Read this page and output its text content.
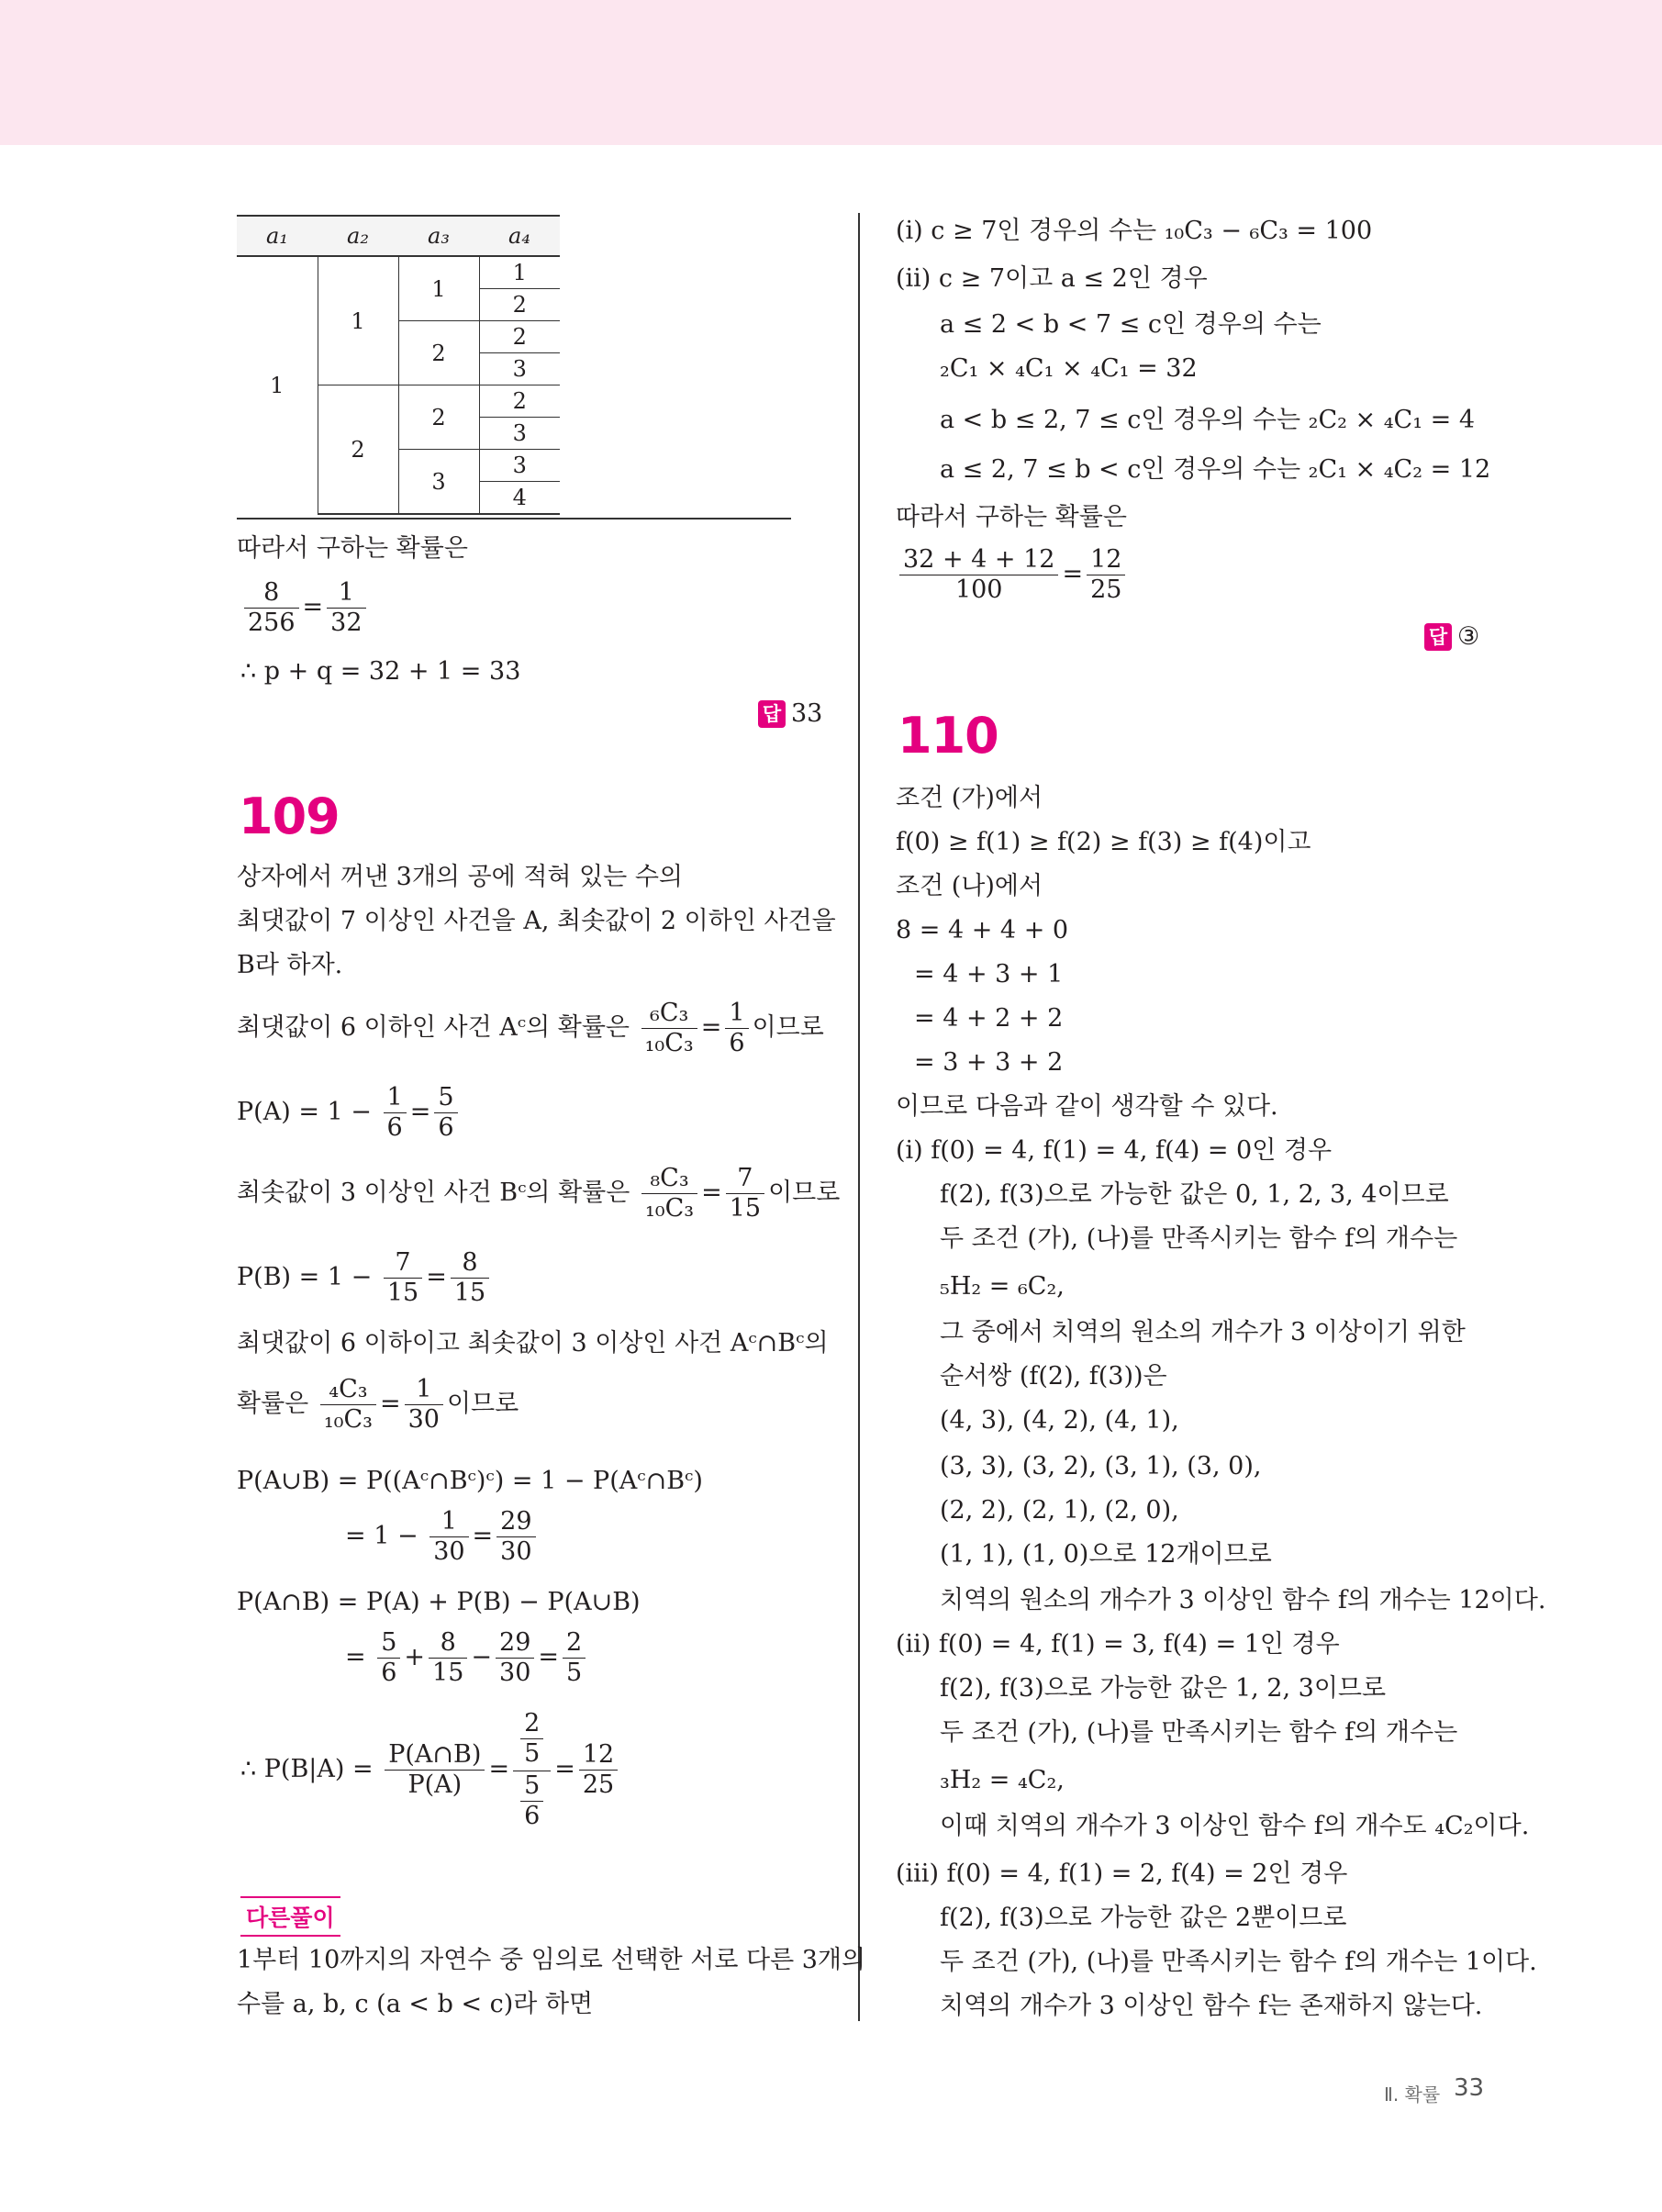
a₁	a₂	a₃	a₄
1	1	1	1
			2
		2	2
			3
	2	2	2
			3
		3	3
			4
따라서 구하는 확률은
$\frac{8}{256} = \frac{1}{32}$
∴ p + q = 32 + 1 = 33
답 33
109
상자에서 꺼낸 3개의 공에 적혀 있는 수의
최댓값이 7 이상인 사건을 A, 최솟값이 2 이하인 사건을
B라 하자.
최댓값이 6 이하인 사건 Aᶜ의 확률은 $\frac{\text{₆C₃}}{\text{₁₀C₃}} = \frac{1}{6}$ 이므로
$P(A) = 1 - \frac{1}{6} = \frac{5}{6}$
최솟값이 3 이상인 사건 Bᶜ의 확률은 $\frac{\text{₈C₃}}{\text{₁₀C₃}} = \frac{7}{15}$ 이므로
$P(B) = 1 - \frac{7}{15} = \frac{8}{15}$
최댓값이 6 이하이고 최솟값이 3 이상인 사건 Aᶜ∩Bᶜ의
확률은 $\frac{\text{₄C₃}}{\text{₁₀C₃}} = \frac{1}{30}$ 이므로
P(A∪B) = P((Aᶜ∩Bᶜ)ᶜ) = 1 − P(Aᶜ∩Bᶜ)
= $1 - \frac{1}{30} = \frac{29}{30}$
P(A∩B) = P(A) + P(B) − P(A∪B)
= $\frac{5}{6} + \frac{8}{15} - \frac{29}{30} = \frac{2}{5}$
∴ $P(B|A) = \frac{P(A\cap B)}{P(A)} = \frac{\frac{2}{5}}{\frac{5}{6}} = \frac{12}{25}$
다른풀이
1부터 10까지의 자연수 중 임의로 선택한 서로 다른 3개의
수를 a, b, c (a < b < c)라 하면
(ⅰ) c ≥ 7인 경우의 수는 ₁₀C₃ − ₆C₃ = 100
(ⅱ) c ≥ 7이고 a ≤ 2인 경우
a ≤ 2 < b < 7 ≤ c인 경우의 수는
₂C₁ × ₄C₁ × ₄C₁ = 32
a < b ≤ 2, 7 ≤ c인 경우의 수는 ₂C₂ × ₄C₁ = 4
a ≤ 2, 7 ≤ b < c인 경우의 수는 ₂C₁ × ₄C₂ = 12
따라서 구하는 확률은
$\frac{32 + 4 + 12}{100} = \frac{12}{25}$
답 ③
110
조건 (가)에서
f(0) ≥ f(1) ≥ f(2) ≥ f(3) ≥ f(4)이고
조건 (나)에서
8 = 4 + 4 + 0
= 4 + 3 + 1
= 4 + 2 + 2
= 3 + 3 + 2
이므로 다음과 같이 생각할 수 있다.
(ⅰ) f(0) = 4, f(1) = 4, f(4) = 0인 경우
f(2), f(3)으로 가능한 값은 0, 1, 2, 3, 4이므로
두 조건 (가), (나)를 만족시키는 함수 f의 개수는
₅H₂ = ₆C₂,
그 중에서 치역의 원소의 개수가 3 이상이기 위한
순서쌍 (f(2), f(3))은
(4, 3), (4, 2), (4, 1),
(3, 3), (3, 2), (3, 1), (3, 0),
(2, 2), (2, 1), (2, 0),
(1, 1), (1, 0)으로 12개이므로
치역의 원소의 개수가 3 이상인 함수 f의 개수는 12이다.
(ⅱ) f(0) = 4, f(1) = 3, f(4) = 1인 경우
f(2), f(3)으로 가능한 값은 1, 2, 3이므로
두 조건 (가), (나)를 만족시키는 함수 f의 개수는
₃H₂ = ₄C₂,
이때 치역의 개수가 3 이상인 함수 f의 개수도 ₄C₂이다.
(ⅲ) f(0) = 4, f(1) = 2, f(4) = 2인 경우
f(2), f(3)으로 가능한 값은 2뿐이므로
두 조건 (가), (나)를 만족시키는 함수 f의 개수는 1이다.
치역의 개수가 3 이상인 함수 f는 존재하지 않는다.
Ⅱ. 확률 33
